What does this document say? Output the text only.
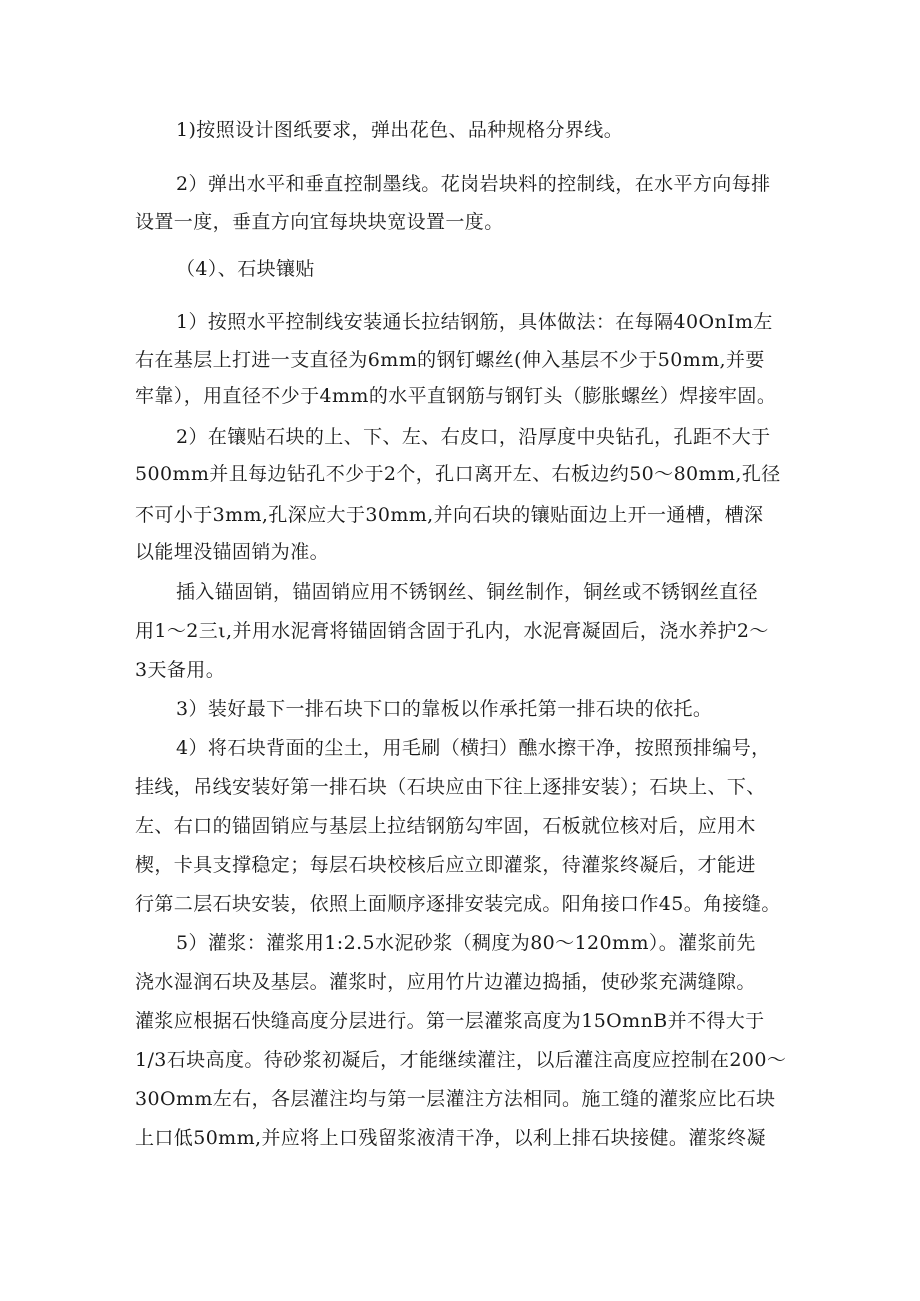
1)按照设计图纸要求，弹出花色、品种规格分界线。
2）弹出水平和垂直控制墨线。花岗岩块料的控制线，在水平方向每排
设置一度，垂直方向宜每块块宽设置一度。
（4）、石块镶贴
1）按照水平控制线安装通长拉结钢筋，具体做法：在每隔40OnIm左
右在基层上打进一支直径为6mm的钢钉螺丝(伸入基层不少于50mm,并要
牢靠），用直径不少于4mm的水平直钢筋与钢钉头（膨胀螺丝）焊接牢固。
2）在镶贴石块的上、下、左、右皮口，沿厚度中央钻孔，孔距不大于
500mm并且每边钻孔不少于2个，孔口离开左、右板边约50～80mm,孔径
不可小于3mm,孔深应大于30mm,并向石块的镶贴面边上开一通槽，槽深
以能埋没锚固销为准。
插入锚固销，锚固销应用不锈钢丝、铜丝制作，铜丝或不锈钢丝直径
用1～2三ι,并用水泥膏将锚固销含固于孔内，水泥膏凝固后，浇水养护2～
3天备用。
3）装好最下一排石块下口的靠板以作承托第一排石块的依托。
4）将石块背面的尘土，用毛刷（横扫）醮水擦干净，按照预排编号，
挂线，吊线安装好第一排石块（石块应由下往上逐排安装）；石块上、下、
左、右口的锚固销应与基层上拉结钢筋勾牢固，石板就位核对后，应用木
楔，卡具支撑稳定；每层石块校核后应立即灌浆，待灌浆终凝后，才能进
行第二层石块安装，依照上面顺序逐排安装完成。阳角接口作45。角接缝。
5）灌浆：灌浆用1:2.5水泥砂浆（稠度为80～120mm）。灌浆前先
浇水湿润石块及基层。灌浆时，应用竹片边灌边捣插，使砂浆充满缝隙。
灌浆应根据石快缝高度分层进行。第一层灌浆高度为15OmnB并不得大于
1/3石块高度。待砂浆初凝后，才能继续灌注，以后灌注高度应控制在200～
30Omm左右，各层灌注均与第一层灌注方法相同。施工缝的灌浆应比石块
上口低50mm,并应将上口残留浆液清干净，以利上排石块接健。灌浆终凝
